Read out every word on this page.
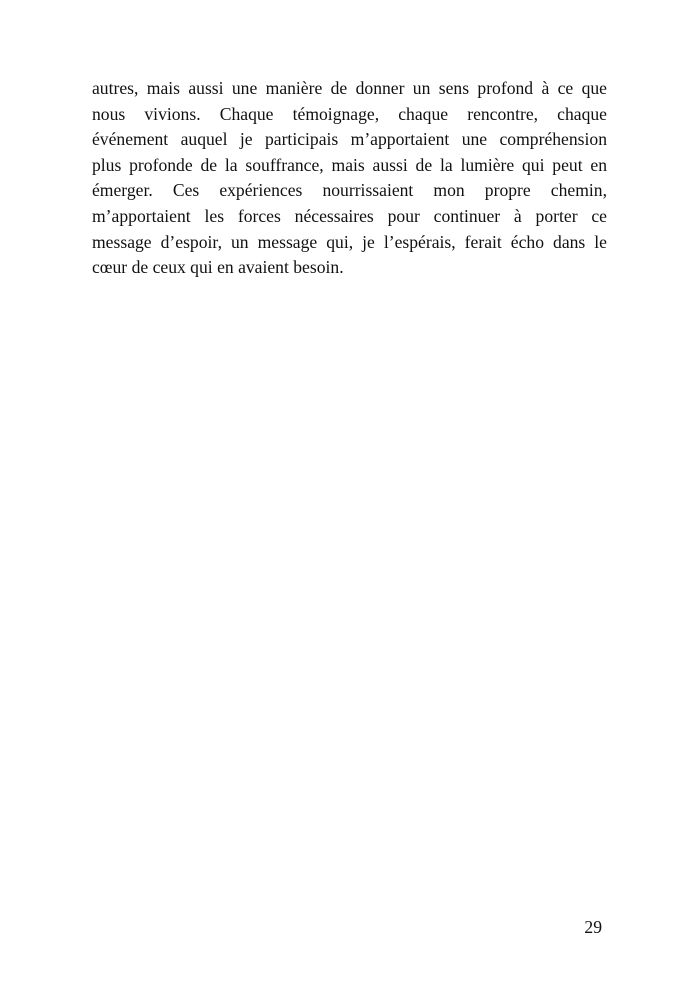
autres, mais aussi une manière de donner un sens profond à ce que
nous vivions. Chaque témoignage, chaque rencontre, chaque
événement auquel je participais m’apportaient une compréhension
plus profonde de la souffrance, mais aussi de la lumière qui peut en
émerger. Ces expériences nourrissaient mon propre chemin,
m’apportaient les forces nécessaires pour continuer à porter ce
message d’espoir, un message qui, je l’espérais, ferait écho dans le
cœur de ceux qui en avaient besoin.

29
